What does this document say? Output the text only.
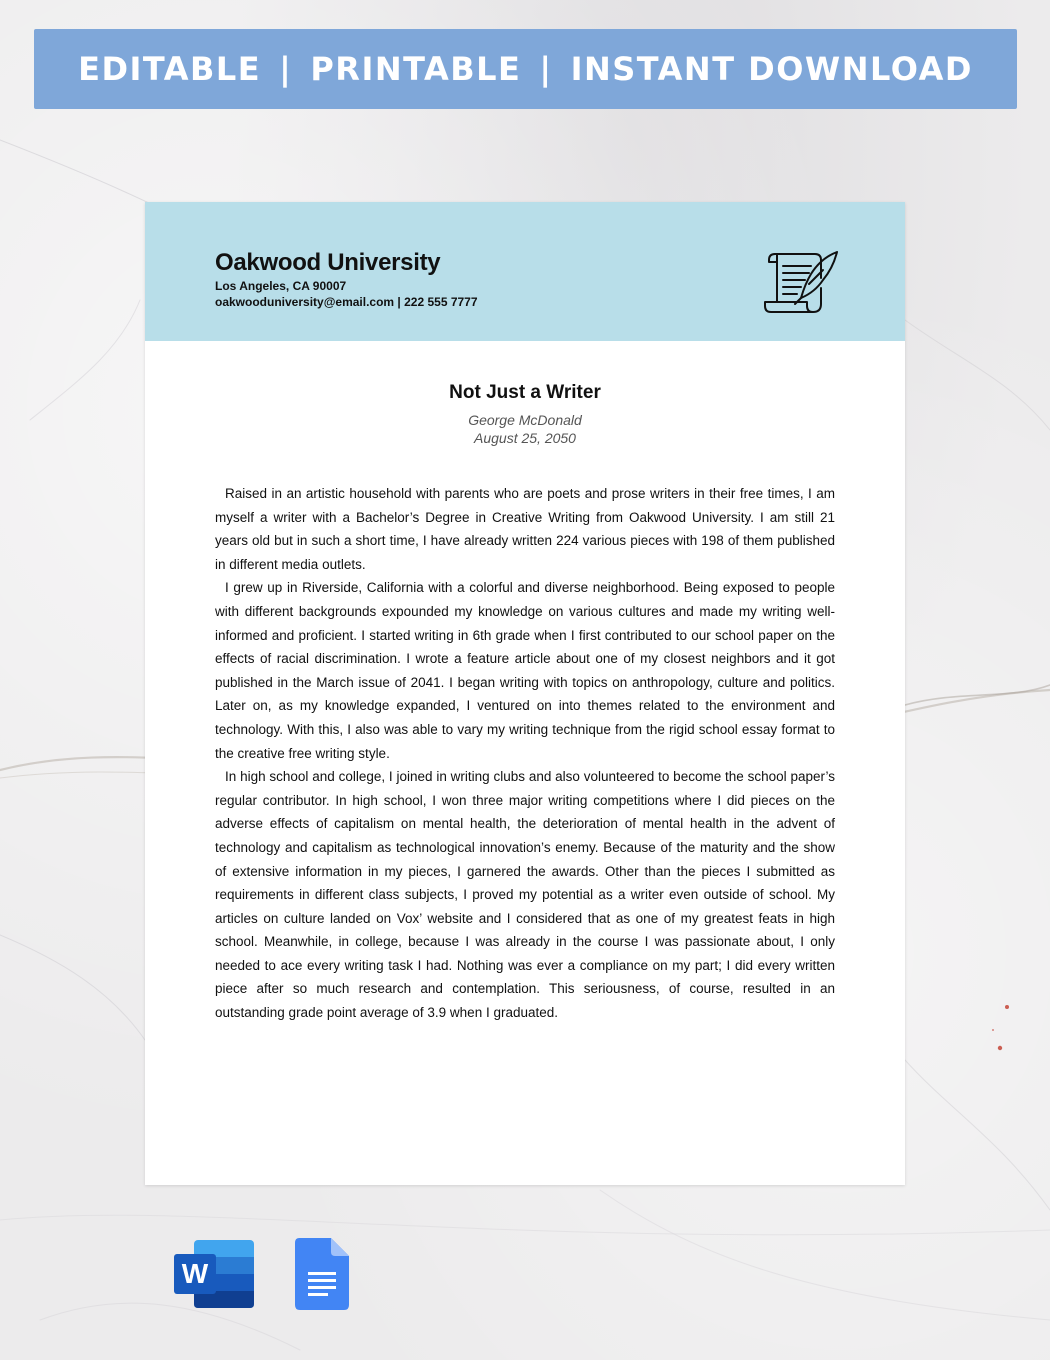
EDITABLE | PRINTABLE | INSTANT DOWNLOAD
Oakwood University
Los Angeles, CA 90007
oakwooduniversity@email.com | 222 555 7777
Not Just a Writer
George McDonald
August 25, 2050

Raised in an artistic household with parents who are poets and prose writers in their free times, I am myself a writer with a Bachelor’s Degree in Creative Writing from Oakwood University. I am still 21 years old but in such a short time, I have already written 224 various pieces with 198 of them published in different media outlets.

I grew up in Riverside, California with a colorful and diverse neighborhood. Being exposed to people with different backgrounds expounded my knowledge on various cultures and made my writing well-informed and proficient. I started writing in 6th grade when I first contributed to our school paper on the effects of racial discrimination. I wrote a feature article about one of my closest neighbors and it got published in the March issue of 2041. I began writing with topics on anthropology, culture and politics. Later on, as my knowledge expanded, I ventured on into themes related to the environment and technology. With this, I also was able to vary my writing technique from the rigid school essay format to the creative free writing style.

In high school and college, I joined in writing clubs and also volunteered to become the school paper’s regular contributor. In high school, I won three major writing competitions where I did pieces on the adverse effects of capitalism on mental health, the deterioration of mental health in the advent of technology and capitalism as technological innovation’s enemy. Because of the maturity and the show of extensive information in my pieces, I garnered the awards. Other than the pieces I submitted as requirements in different class subjects, I proved my potential as a writer even outside of school. My articles on culture landed on Vox’ website and I considered that as one of my greatest feats in high school. Meanwhile, in college, because I was already in the course I was passionate about, I only needed to ace every writing task I had. Nothing was ever a compliance on my part; I did every written piece after so much research and contemplation. This seriousness, of course, resulted in an outstanding grade point average of 3.9 when I graduated.

W
